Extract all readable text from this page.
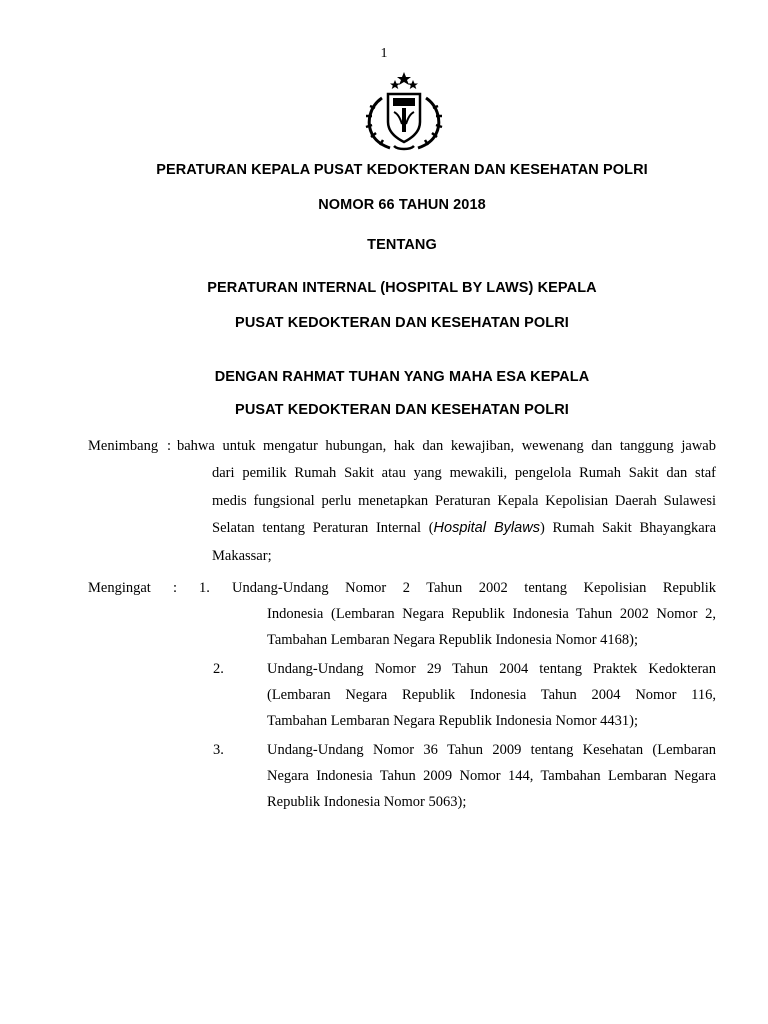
1
PERATURAN KEPALA PUSAT KEDOKTERAN DAN KESEHATAN POLRI
NOMOR 66 TAHUN 2018
TENTANG
PERATURAN INTERNAL (HOSPITAL BY LAWS) KEPALA
PUSAT KEDOKTERAN DAN KESEHATAN POLRI
DENGAN RAHMAT TUHAN YANG MAHA ESA KEPALA
PUSAT KEDOKTERAN DAN KESEHATAN POLRI
Menimbang : bahwa untuk mengatur hubungan, hak dan kewajiban, wewenang dan tanggung jawab
dari pemilik Rumah Sakit atau yang mewakili, pengelola Rumah Sakit dan staf
medis fungsional perlu menetapkan Peraturan Kepala Kepolisian Daerah Sulawesi
Selatan tentang Peraturan Internal (Hospital Bylaws) Rumah Sakit Bhayangkara
Makassar;
Mengingat : 1. Undang-Undang Nomor 2 Tahun 2002 tentang Kepolisian Republik
Indonesia (Lembaran Negara Republik Indonesia Tahun 2002 Nomor 2,
Tambahan Lembaran Negara Republik Indonesia Nomor 4168);
2.	Undang-Undang Nomor 29 Tahun 2004 tentang Praktek Kedokteran
(Lembaran Negara Republik Indonesia Tahun 2004 Nomor 116,
Tambahan Lembaran Negara Republik Indonesia Nomor 4431);
3.	Undang-Undang Nomor 36 Tahun 2009 tentang Kesehatan (Lembaran
Negara Indonesia Tahun 2009 Nomor 144, Tambahan Lembaran Negara
Republik Indonesia Nomor 5063);
